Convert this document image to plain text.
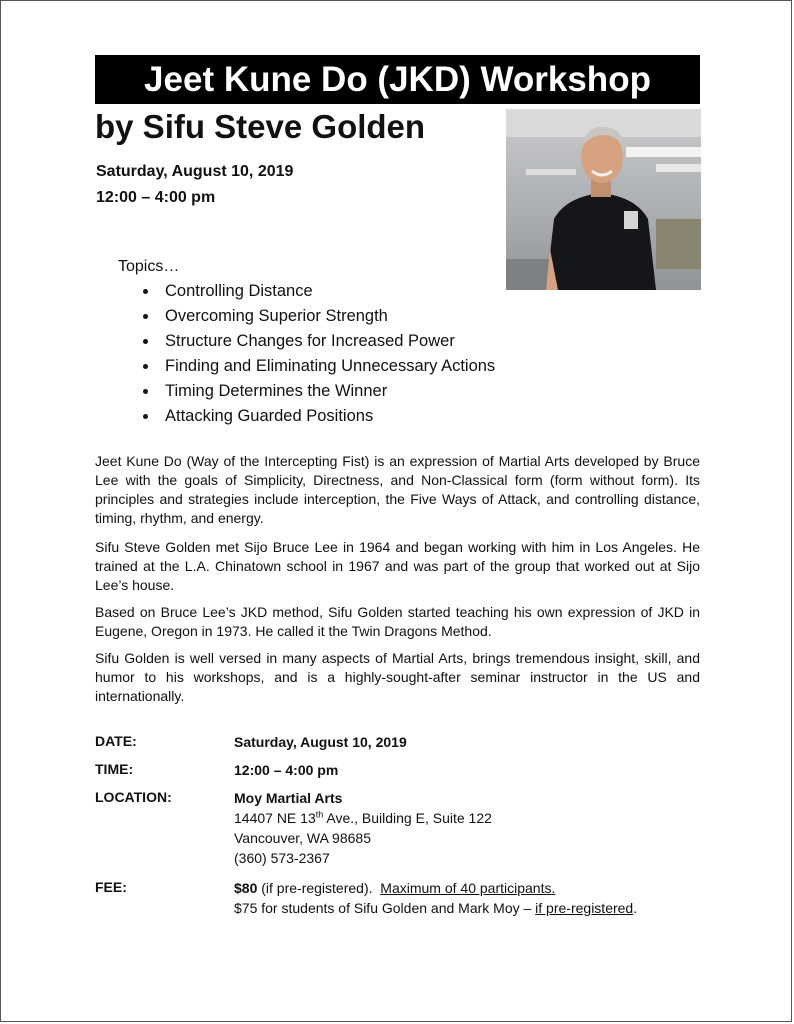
Jeet Kune Do (JKD) Workshop
by Sifu Steve Golden
Saturday, August 10, 2019
12:00 – 4:00 pm
Topics…
Controlling Distance
Overcoming Superior Strength
Structure Changes for Increased Power
Finding and Eliminating Unnecessary Actions
Timing Determines the Winner
Attacking Guarded Positions
Jeet Kune Do (Way of the Intercepting Fist) is an expression of Martial Arts developed by Bruce Lee with the goals of Simplicity, Directness, and Non-Classical form (form without form). Its principles and strategies include interception, the Five Ways of Attack, and controlling distance, timing, rhythm, and energy.
Sifu Steve Golden met Sijo Bruce Lee in 1964 and began working with him in Los Angeles. He trained at the L.A. Chinatown school in 1967 and was part of the group that worked out at Sijo Lee’s house.
Based on Bruce Lee’s JKD method, Sifu Golden started teaching his own expression of JKD in Eugene, Oregon in 1973. He called it the Twin Dragons Method.
Sifu Golden is well versed in many aspects of Martial Arts, brings tremendous insight, skill, and humor to his workshops, and is a highly-sought-after seminar instructor in the US and internationally.
DATE:	Saturday, August 10, 2019
TIME:	12:00 – 4:00 pm
LOCATION:	Moy Martial Arts
14407 NE 13th Ave., Building E, Suite 122
Vancouver, WA 98685
(360) 573-2367
FEE:	$80 (if pre-registered).  Maximum of 40 participants.
$75 for students of Sifu Golden and Mark Moy – if pre-registered.
